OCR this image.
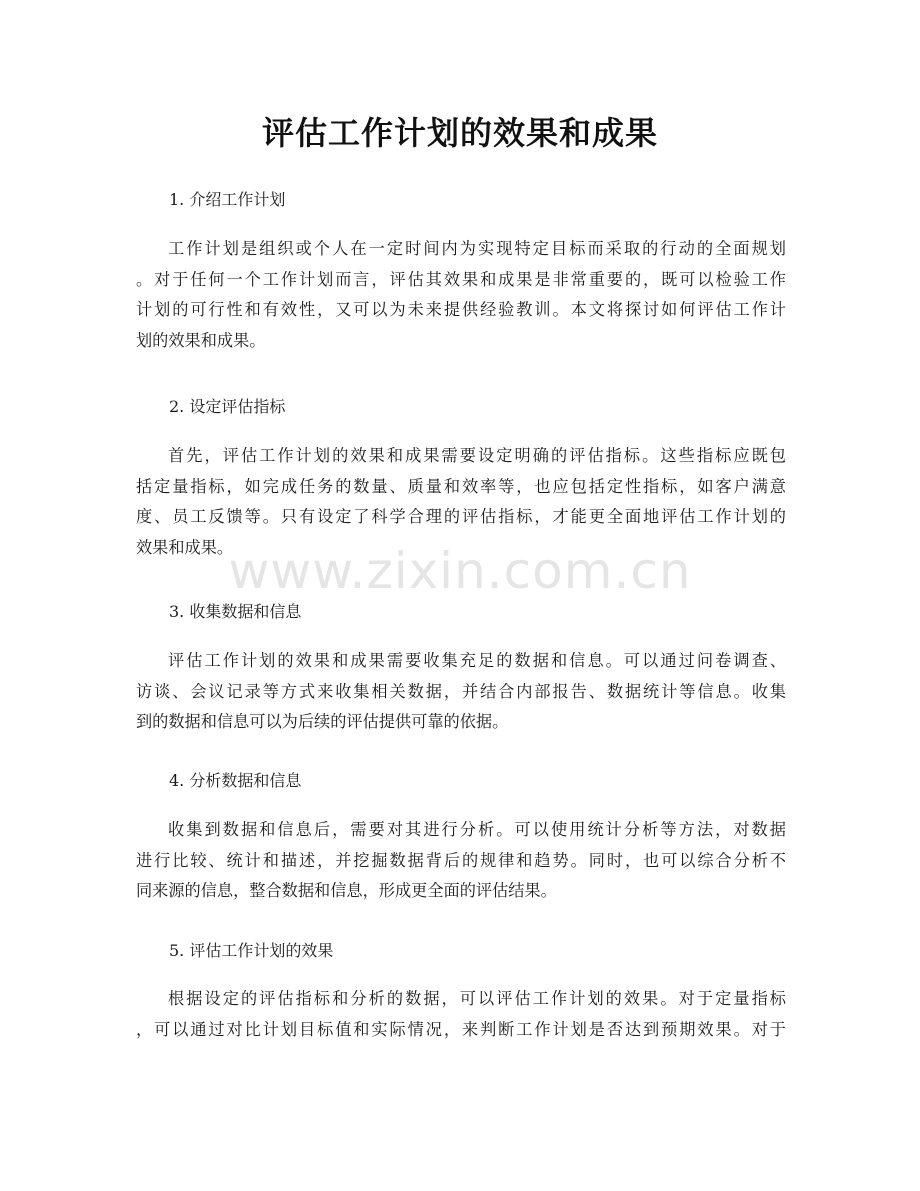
评估工作计划的效果和成果
1. 介绍工作计划
工作计划是组织或个人在一定时间内为实现特定目标而采取的行动的全面规划
。对于任何一个工作计划而言，评估其效果和成果是非常重要的，既可以检验工作
计划的可行性和有效性，又可以为未来提供经验教训。本文将探讨如何评估工作计
划的效果和成果。
2. 设定评估指标
首先，评估工作计划的效果和成果需要设定明确的评估指标。这些指标应既包
括定量指标，如完成任务的数量、质量和效率等，也应包括定性指标，如客户满意
度、员工反馈等。只有设定了科学合理的评估指标，才能更全面地评估工作计划的
效果和成果。
www.zixin.com.cn
3. 收集数据和信息
评估工作计划的效果和成果需要收集充足的数据和信息。可以通过问卷调查、
访谈、会议记录等方式来收集相关数据，并结合内部报告、数据统计等信息。收集
到的数据和信息可以为后续的评估提供可靠的依据。
4. 分析数据和信息
收集到数据和信息后，需要对其进行分析。可以使用统计分析等方法，对数据
进行比较、统计和描述，并挖掘数据背后的规律和趋势。同时，也可以综合分析不
同来源的信息，整合数据和信息，形成更全面的评估结果。
5. 评估工作计划的效果
根据设定的评估指标和分析的数据，可以评估工作计划的效果。对于定量指标
，可以通过对比计划目标值和实际情况，来判断工作计划是否达到预期效果。对于
